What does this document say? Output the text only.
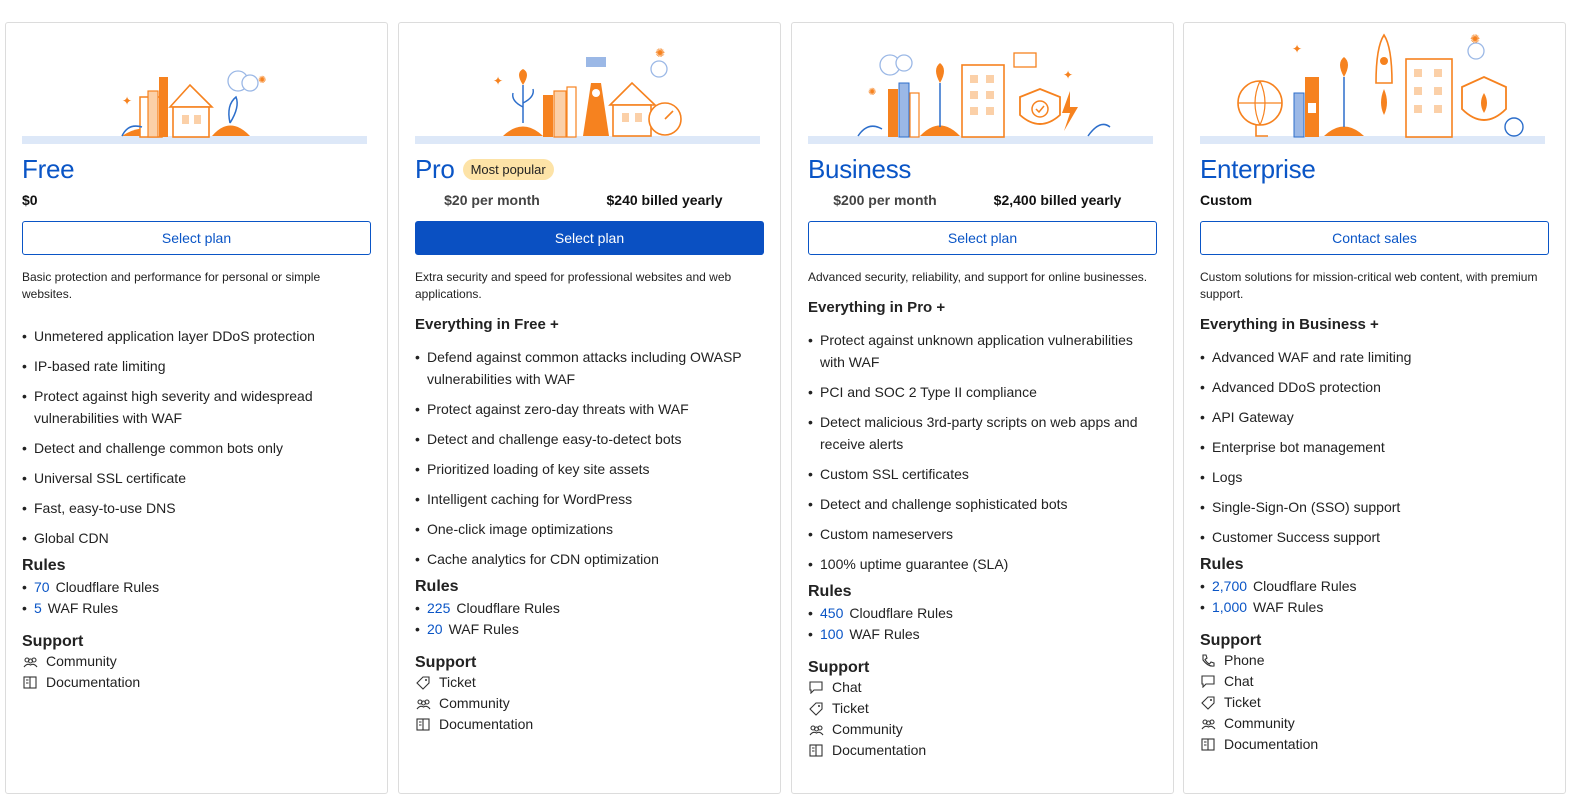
✦
✺
Free
$0
Select plan

Basic protection and performance for personal or simple websites.

• Unmetered application layer DDoS protection
• IP-based rate limiting
• Protect against high severity and widespread vulnerabilities with WAF
• Detect and challenge common bots only
• Universal SSL certificate
• Fast, easy-to-use DNS
• Global CDN
Rules
• 70 Cloudflare Rules
• 5 WAF Rules
Support
Community
Documentation
✺
✦
Pro	Most popular
$20 per month	$240 billed yearly
Select plan

Extra security and speed for professional websites and web applications.

Everything in Free +
• Defend against common attacks including OWASP vulnerabilities with WAF
• Protect against zero-day threats with WAF
• Detect and challenge easy-to-detect bots
• Prioritized loading of key site assets
• Intelligent caching for WordPress
• One-click image optimizations
• Cache analytics for CDN optimization
Rules
• 225 Cloudflare Rules
• 20 WAF Rules
Support
Ticket
Community
Documentation
✦
✺
Business
$200 per month	$2,400 billed yearly
Select plan

Advanced security, reliability, and support for online businesses.

Everything in Pro +
• Protect against unknown application vulnerabilities with WAF
• PCI and SOC 2 Type II compliance
• Detect malicious 3rd-party scripts on web apps and receive alerts
• Custom SSL certificates
• Detect and challenge sophisticated bots
• Custom nameservers
• 100% uptime guarantee (SLA)
Rules
• 450 Cloudflare Rules
• 100 WAF Rules
Support
Chat
Ticket
Community
Documentation
✺
✦
Enterprise
Custom
Contact sales

Custom solutions for mission-critical web content, with premium support.

Everything in Business +
• Advanced WAF and rate limiting
• Advanced DDoS protection
• API Gateway
• Enterprise bot management
• Logs
• Single-Sign-On (SSO) support
• Customer Success support
Rules
• 2,700 Cloudflare Rules
• 1,000 WAF Rules
Support
Phone
Chat
Ticket
Community
Documentation
